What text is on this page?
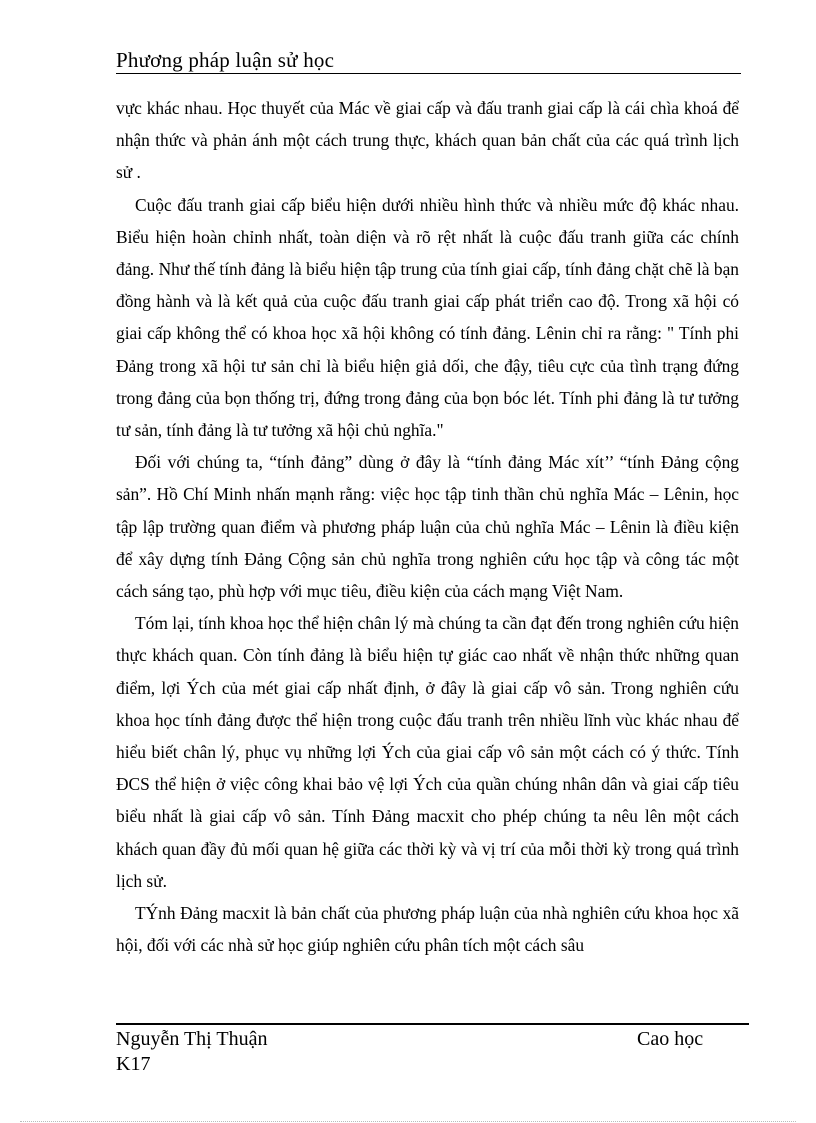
Phương pháp luận sử học

vực khác nhau. Học thuyết của Mác về giai cấp và đấu tranh giai cấp là cái chìa khoá để nhận thức và phản ánh một cách trung thực, khách quan bản chất của các quá trình lịch sử .

Cuộc đấu tranh giai cấp biểu hiện dưới nhiều hình thức và nhiều mức độ khác nhau. Biểu hiện hoàn chỉnh nhất, toàn diện và rõ rệt nhất là cuộc đấu tranh giữa các chính đảng. Như thế tính đảng là biểu hiện tập trung của tính giai cấp, tính đảng chặt chẽ là bạn đồng hành và là kết quả của cuộc đấu tranh giai cấp phát triển cao độ. Trong xã hội có giai cấp không thể có khoa học xã hội không có tính đảng. Lênin chỉ ra rằng: " Tính phi Đảng trong xã hội tư sản chỉ là biểu hiện giả dối, che đậy, tiêu cực của tình trạng đứng trong đảng của bọn thống trị, đứng trong đảng của bọn bóc lét. Tính phi đảng là tư tưởng tư sản, tính đảng là tư tưởng xã hội chủ nghĩa."

Đối với chúng ta, “tính đảng” dùng ở đây là “tính đảng Mác xít’’ “tính Đảng cộng sản”. Hồ Chí Minh nhấn mạnh rằng: việc học tập tinh thần chủ nghĩa Mác – Lênin, học tập lập trường quan điểm và phương pháp luận của chủ nghĩa Mác – Lênin là điều kiện để xây dựng tính Đảng Cộng sản chủ nghĩa trong nghiên cứu học tập và công tác một cách sáng tạo, phù hợp với mục tiêu, điều kiện của cách mạng Việt Nam.

Tóm lại, tính khoa học thể hiện chân lý mà chúng ta cần đạt đến trong nghiên cứu hiện thực khách quan. Còn tính đảng là biểu hiện tự giác cao nhất về nhận thức những quan điểm, lợi Ých của mét giai cấp nhất định, ở đây là giai cấp vô sản. Trong nghiên cứu khoa học tính đảng được thể hiện trong cuộc đấu tranh trên nhiều lĩnh vùc khác nhau để hiểu biết chân lý, phục vụ những lợi Ých của giai cấp vô sản một cách có ý thức. Tính ĐCS thể hiện ở việc công khai bảo vệ lợi Ých của quần chúng nhân dân và giai cấp tiêu biểu nhất là giai cấp vô sản. Tính Đảng macxit cho phép chúng ta nêu lên một cách khách quan đầy đủ mối quan hệ giữa các thời kỳ và vị trí của mỗi thời kỳ trong quá trình lịch sử.

TÝnh Đảng macxit là bản chất của phương pháp luận của nhà nghiên cứu khoa học xã hội, đối với các nhà sử học giúp nghiên cứu phân tích một cách sâu

Nguyễn Thị Thuận	Cao học
K17
